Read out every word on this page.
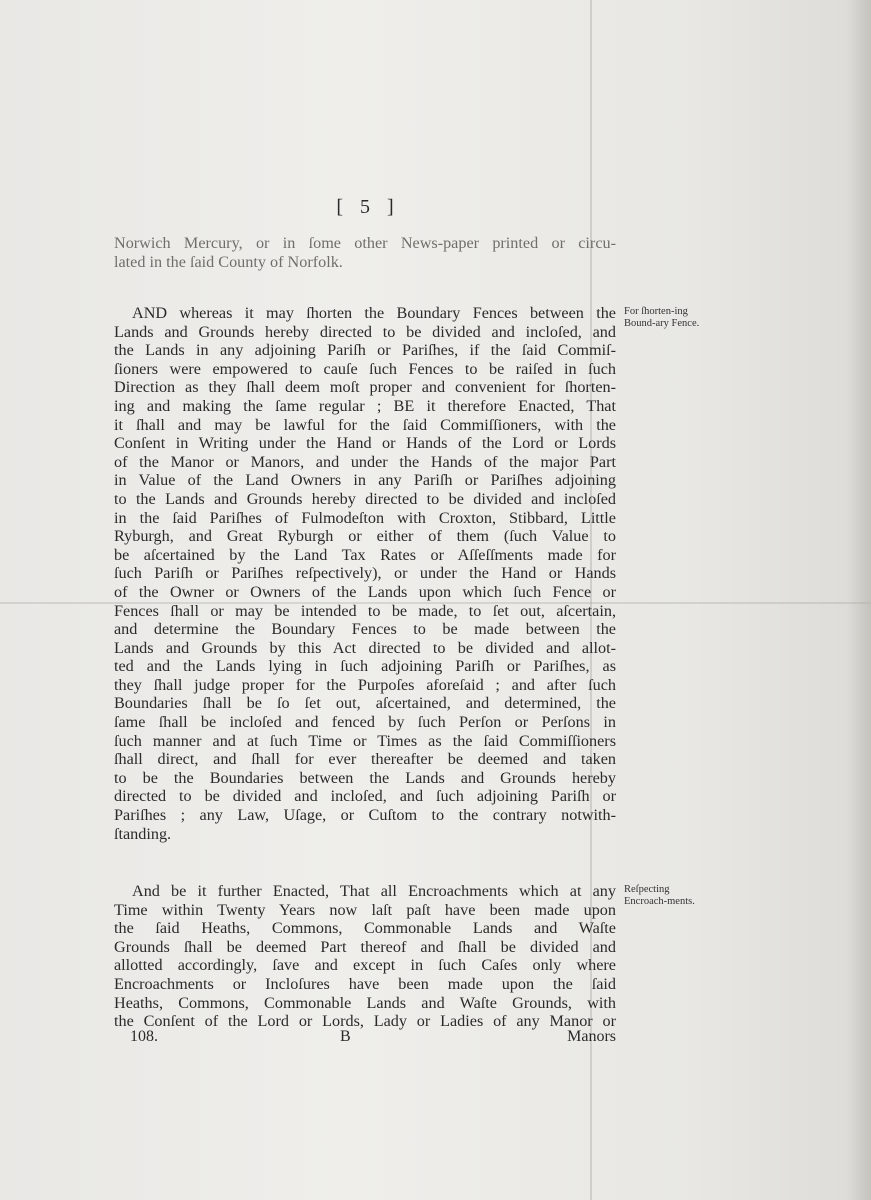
[ 5 ]
Norwich Mercury, or in ſome other News-paper printed or circu-
lated in the ſaid County of Norfolk.
For ſhorten-ing Bound-ary Fence.
AND whereas it may ſhorten the Boundary Fences between the
Lands and Grounds hereby directed to be divided and incloſed, and
the Lands in any adjoining Pariſh or Pariſhes, if the ſaid Commiſ-
ſioners were empowered to cauſe ſuch Fences to be raiſed in ſuch
Direction as they ſhall deem moſt proper and convenient for ſhorten-
ing and making the ſame regular ; BE it therefore Enacted, That
it ſhall and may be lawful for the ſaid Commiſſioners, with the
Conſent in Writing under the Hand or Hands of the Lord or Lords
of the Manor or Manors, and under the Hands of the major Part
in Value of the Land Owners in any Pariſh or Pariſhes adjoining
to the Lands and Grounds hereby directed to be divided and incloſed
in the ſaid Pariſhes of Fulmodeſton with Croxton, Stibbard, Little
Ryburgh, and Great Ryburgh or either of them (ſuch Value to
be aſcertained by the Land Tax Rates or Aſſeſſments made for
ſuch Pariſh or Pariſhes reſpectively), or under the Hand or Hands
of the Owner or Owners of the Lands upon which ſuch Fence or
Fences ſhall or may be intended to be made, to ſet out, aſcertain,
and determine the Boundary Fences to be made between the
Lands and Grounds by this Act directed to be divided and allot-
ted and the Lands lying in ſuch adjoining Pariſh or Pariſhes, as
they ſhall judge proper for the Purpoſes aforeſaid ; and after ſuch
Boundaries ſhall be ſo ſet out, aſcertained, and determined, the
ſame ſhall be incloſed and fenced by ſuch Perſon or Perſons in
ſuch manner and at ſuch Time or Times as the ſaid Commiſſioners
ſhall direct, and ſhall for ever thereafter be deemed and taken
to be the Boundaries between the Lands and Grounds hereby
directed to be divided and incloſed, and ſuch adjoining Pariſh or
Pariſhes ; any Law, Uſage, or Cuſtom to the contrary notwith-
ſtanding.
Reſpecting Encroach-ments.
And be it further Enacted, That all Encroachments which at any
Time within Twenty Years now laſt paſt have been made upon
the ſaid Heaths, Commons, Commonable Lands and Waſte
Grounds ſhall be deemed Part thereof and ſhall be divided and
allotted accordingly, ſave and except in ſuch Caſes only where
Encroachments or Incloſures have been made upon the ſaid
Heaths, Commons, Commonable Lands and Waſte Grounds, with
the Conſent of the Lord or Lords, Lady or Ladies of any Manor or
108.	B	Manors
